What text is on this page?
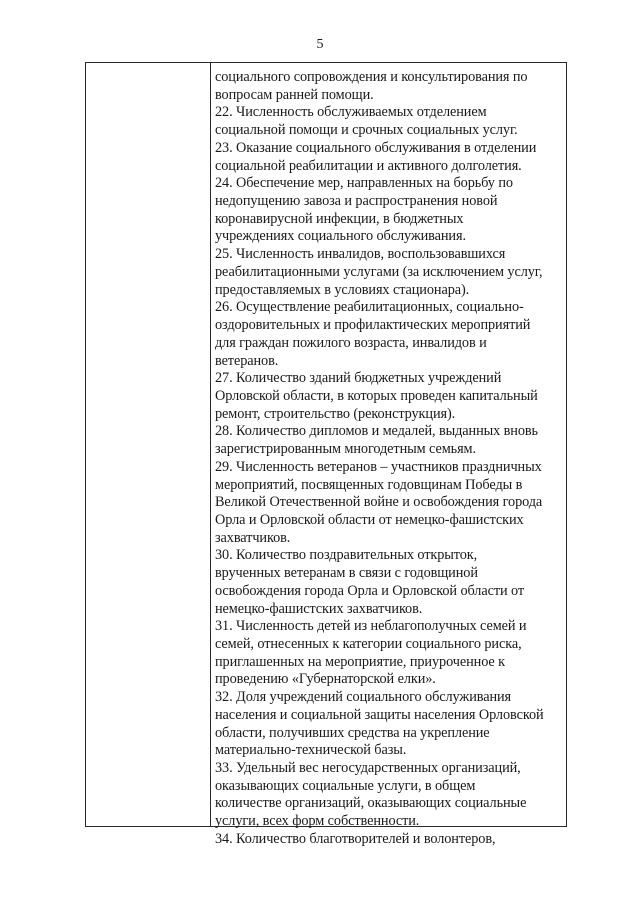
5
социального сопровождения и консультирования по
вопросам ранней помощи.
22. Численность обслуживаемых отделением
социальной помощи и срочных социальных услуг.
23. Оказание социального обслуживания в отделении
социальной реабилитации и активного долголетия.
24. Обеспечение мер, направленных на борьбу по
недопущению завоза и распространения новой
коронавирусной инфекции, в бюджетных
учреждениях социального обслуживания.
25. Численность инвалидов, воспользовавшихся
реабилитационными услугами (за исключением услуг,
предоставляемых в условиях стационара).
26. Осуществление реабилитационных, социально-
оздоровительных и профилактических мероприятий
для граждан пожилого возраста, инвалидов и
ветеранов.
27. Количество зданий бюджетных учреждений
Орловской области, в которых проведен капитальный
ремонт, строительство (реконструкция).
28. Количество дипломов и медалей, выданных вновь
зарегистрированным многодетным семьям.
29. Численность ветеранов – участников праздничных
мероприятий, посвященных годовщинам Победы в
Великой Отечественной войне и освобождения города
Орла и Орловской области от немецко-фашистских
захватчиков.
30. Количество поздравительных открыток,
врученных ветеранам в связи с годовщиной
освобождения города Орла и Орловской области от
немецко-фашистских захватчиков.
31. Численность детей из неблагополучных семей и
семей, отнесенных к категории социального риска,
приглашенных на мероприятие, приуроченное к
проведению «Губернаторской елки».
32. Доля учреждений социального обслуживания
населения и социальной защиты населения Орловской
области, получивших средства на укрепление
материально-технической базы.
33. Удельный вес негосударственных организаций,
оказывающих социальные услуги, в общем
количестве организаций, оказывающих социальные
услуги, всех форм собственности.
34. Количество благотворителей и волонтеров,
